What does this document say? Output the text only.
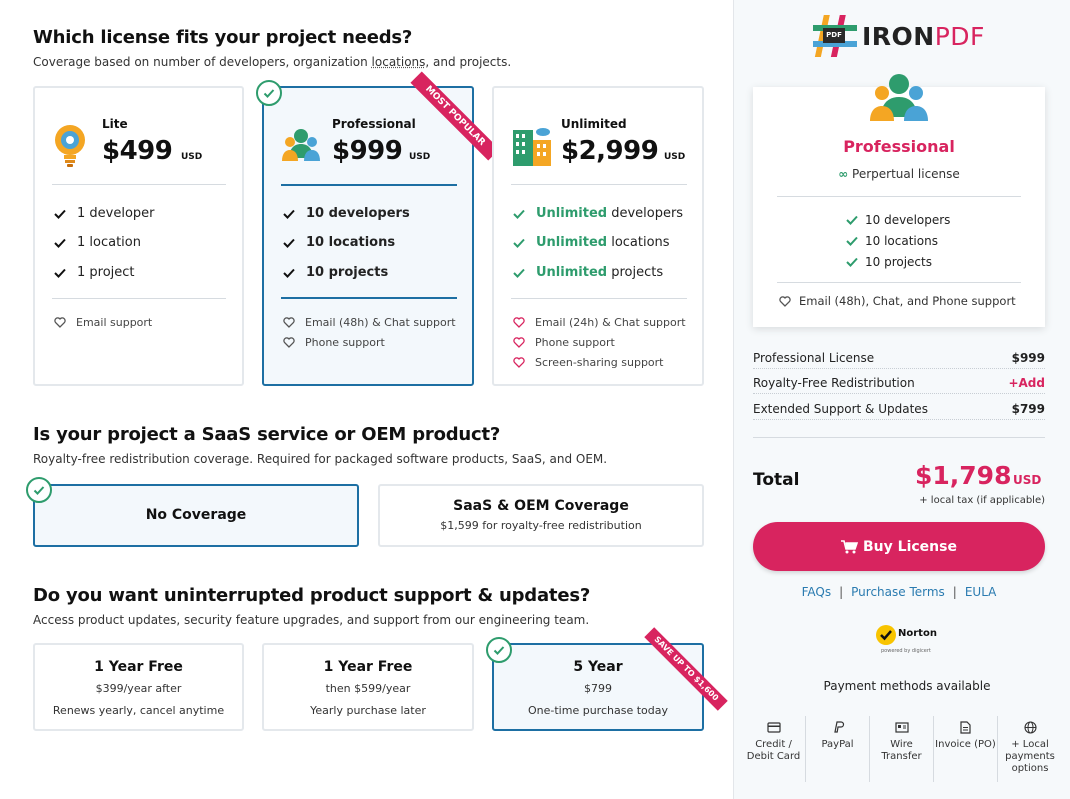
Which license fits your project needs?
Coverage based on number of developers, organization locations, and projects.
Lite
$499 USD
1 developer
1 location
1 project
Email support
Professional
$999 USD
MOST POPULAR
10 developers
10 locations
10 projects
Email (48h) & Chat support
Phone support
Unlimited
$2,999 USD
Unlimited
developers
Unlimited
locations
Unlimited
projects
Email (24h) & Chat support
Phone support
Screen-sharing support
Is your project a SaaS service or OEM product?
Royalty-free redistribution coverage. Required for packaged software products, SaaS, and OEM.
No Coverage
SaaS & OEM Coverage
$1,599 for royalty-free redistribution
Do you want uninterrupted product support & updates?
Access product updates, security feature upgrades, and support from our engineering team.
1 Year Free
$399/year after
Renews yearly, cancel anytime
1 Year Free
then $599/year
Yearly purchase later
5 Year
$799
One-time purchase today
SAVE UP TO $1,600
PDF IRON PDF
Professional
∞ Perpertual license
10 developers
10 locations
10 projects
Email (48h), Chat, and Phone support
Professional License	$999
Royalty-Free Redistribution	+Add
Extended Support & Updates	$799
Total	$1,798 USD
+ local tax (if applicable)
Buy License
FAQs | Purchase Terms | EULA
Norton
powered by digicert
Payment methods available
Credit / Debit Card
PayPal	Wire Transfer
Invoice (PO)	+ Local payments options
